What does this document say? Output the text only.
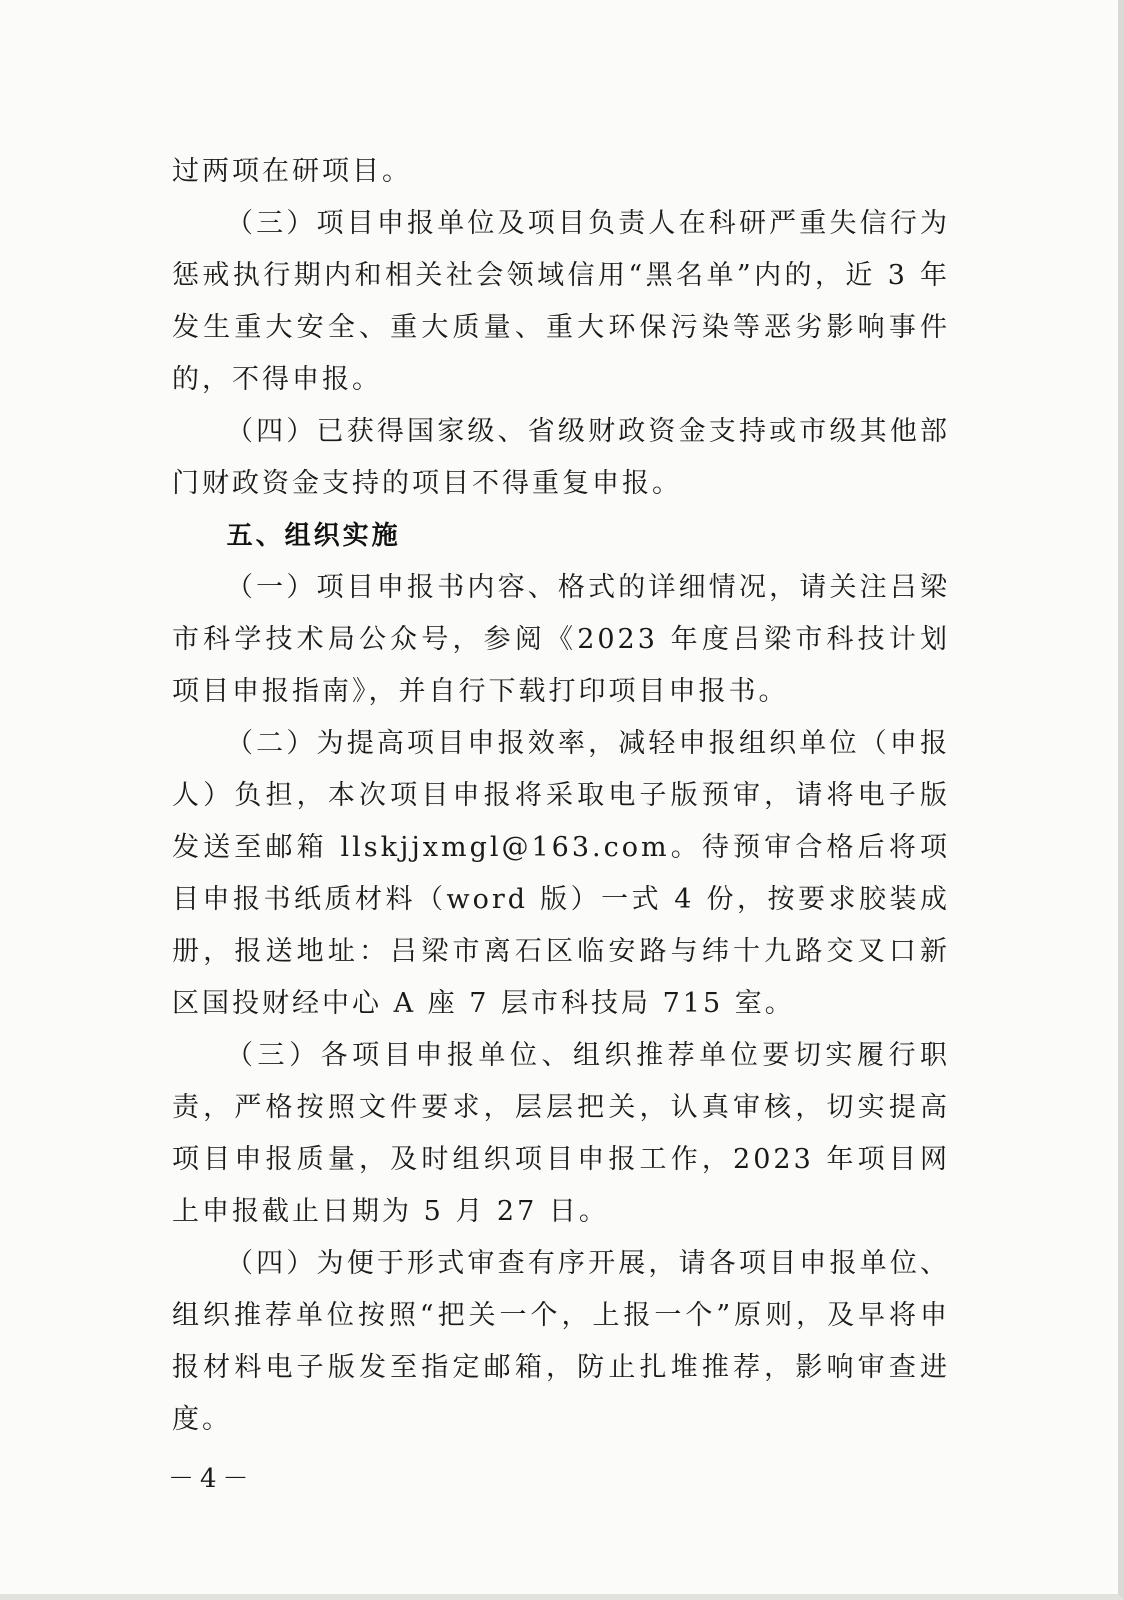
过两项在研项目。

（三）项目申报单位及项目负责人在科研严重失信行为惩戒执行期内和相关社会领域信用“黑名单”内的，近 3 年发生重大安全、重大质量、重大环保污染等恶劣影响事件的，不得申报。

（四）已获得国家级、省级财政资金支持或市级其他部门财政资金支持的项目不得重复申报。

五、组织实施

（一）项目申报书内容、格式的详细情况，请关注吕梁市科学技术局公众号，参阅《2023 年度吕梁市科技计划项目申报指南》，并自行下载打印项目申报书。

（二）为提高项目申报效率，减轻申报组织单位（申报人）负担，本次项目申报将采取电子版预审，请将电子版发送至邮箱 llskjjxmgl@163.com。待预审合格后将项目申报书纸质材料（word 版）一式 4 份，按要求胶装成册，报送地址：吕梁市离石区临安路与纬十九路交叉口新区国投财经中心 A 座 7 层市科技局 715 室。

（三）各项目申报单位、组织推荐单位要切实履行职责，严格按照文件要求，层层把关，认真审核，切实提高项目申报质量，及时组织项目申报工作，2023 年项目网上申报截止日期为 5 月 27 日。

（四）为便于形式审查有序开展，请各项目申报单位、组织推荐单位按照“把关一个，上报一个”原则，及早将申报材料电子版发至指定邮箱，防止扎堆推荐，影响审查进度。

－4－
